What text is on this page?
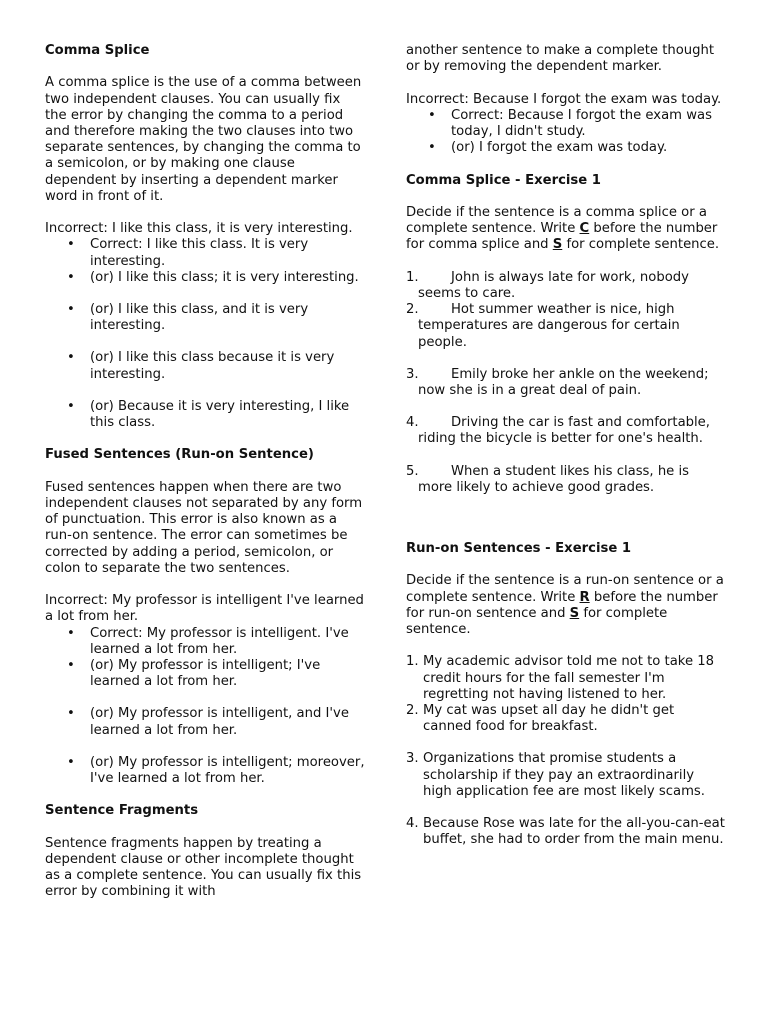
Comma Splice

A comma splice is the use of a comma between two independent clauses. You can usually fix the error by changing the comma to a period and therefore making the two clauses into two separate sentences, by changing the comma to a semicolon, or by making one clause dependent by inserting a dependent marker word in front of it.

Incorrect: I like this class, it is very interesting.

• Correct: I like this class. It is very interesting.
• (or) I like this class; it is very interesting.
• (or) I like this class, and it is very interesting.
• (or) I like this class because it is very interesting.
• (or) Because it is very interesting, I like this class.
Fused Sentences (Run-on Sentence)

Fused sentences happen when there are two independent clauses not separated by any form of punctuation. This error is also known as a run-on sentence. The error can sometimes be corrected by adding a period, semicolon, or colon to separate the two sentences.

Incorrect: My professor is intelligent I've learned a lot from her.

• Correct: My professor is intelligent. I've learned a lot from her.
• (or) My professor is intelligent; I've learned a lot from her.
• (or) My professor is intelligent, and I've learned a lot from her.
• (or) My professor is intelligent; moreover, I've learned a lot from her.
Sentence Fragments

Sentence fragments happen by treating a dependent clause or other incomplete thought as a complete sentence. You can usually fix this error by combining it with

another sentence to make a complete thought or by removing the dependent marker.

Incorrect: Because I forgot the exam was today.

• Correct: Because I forgot the exam was today, I didn't study.
• (or) I forgot the exam was today.
Comma Splice - Exercise 1

Decide if the sentence is a comma splice or a complete sentence. Write C before the number for comma splice and S for complete sentence.

1. John is always late for work, nobody seems to care.
2. Hot summer weather is nice, high temperatures are dangerous for certain people.
3. Emily broke her ankle on the weekend; now she is in a great deal of pain.
4. Driving the car is fast and comfortable, riding the bicycle is better for one's health.
5. When a student likes his class, he is more likely to achieve good grades.
Run-on Sentences - Exercise 1

Decide if the sentence is a run-on sentence or a complete sentence. Write R before the number for run-on sentence and S for complete sentence.

1. My academic advisor told me not to take 18 credit hours for the fall semester I'm regretting not having listened to her.
2. My cat was upset all day he didn't get canned food for breakfast.
3. Organizations that promise students a scholarship if they pay an extraordinarily high application fee are most likely scams.
4. Because Rose was late for the all-you-can-eat buffet, she had to order from the main menu.
